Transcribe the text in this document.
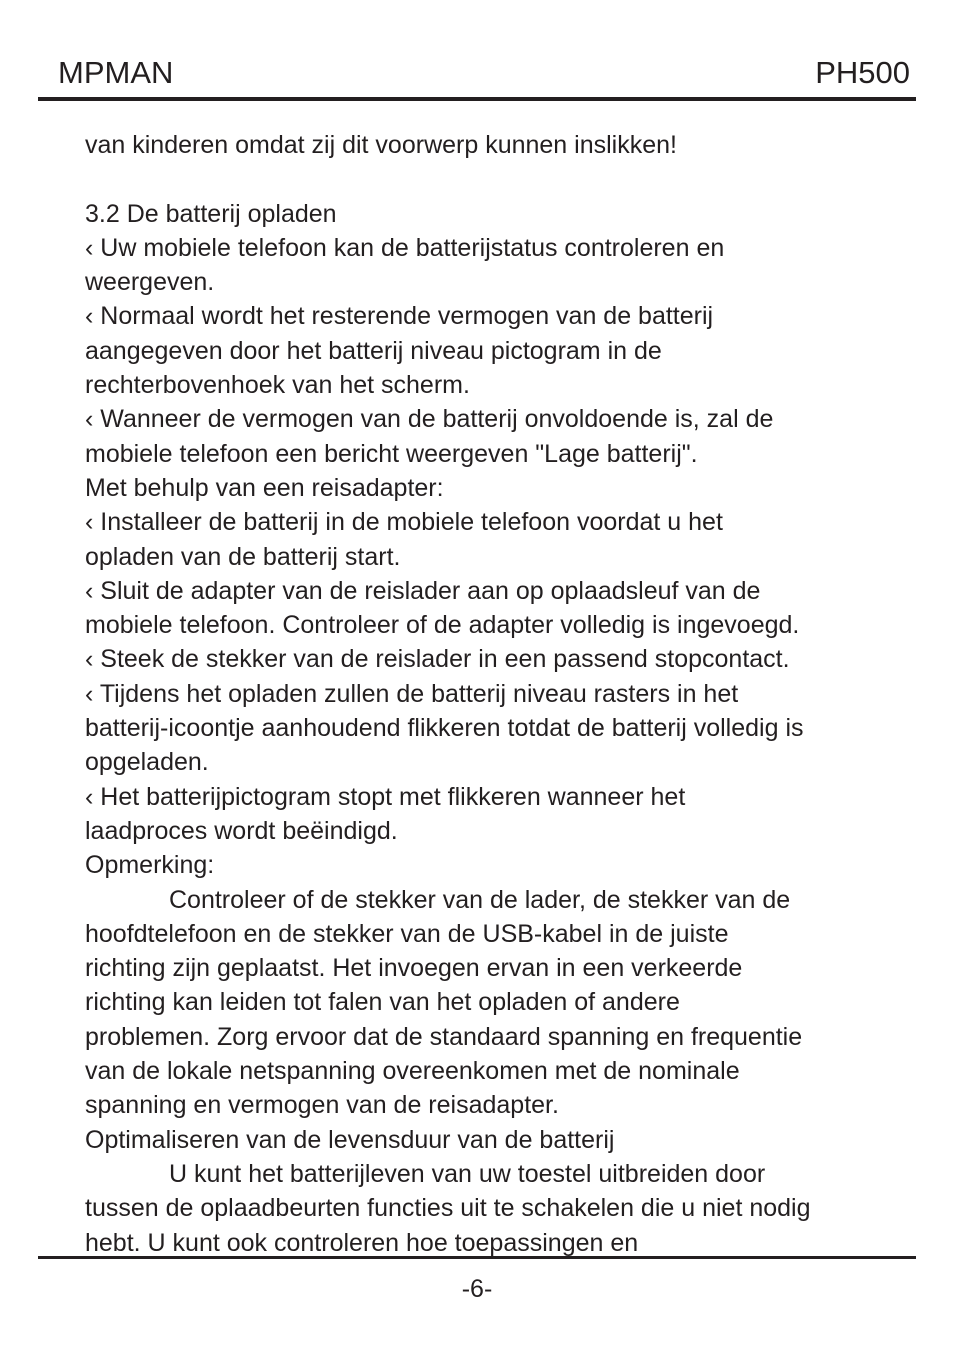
MPMAN	PH500
van kinderen omdat zij dit voorwerp kunnen inslikken!
3.2 De batterij opladen
‹ Uw mobiele telefoon kan de batterijstatus controleren en
weergeven.
‹ Normaal wordt het resterende vermogen van de batterij
aangegeven door het batterij niveau pictogram in de
rechterbovenhoek van het scherm.
‹ Wanneer de vermogen van de batterij onvoldoende is, zal de
mobiele telefoon een bericht weergeven "Lage batterij".
Met behulp van een reisadapter:
‹ Installeer de batterij in de mobiele telefoon voordat u het
opladen van de batterij start.
‹ Sluit de adapter van de reislader aan op oplaadsleuf van de
mobiele telefoon. Controleer of de adapter volledig is ingevoegd.
‹ Steek de stekker van de reislader in een passend stopcontact.
‹ Tijdens het opladen zullen de batterij niveau rasters in het
batterij-icoontje aanhoudend flikkeren totdat de batterij volledig is
opgeladen.
‹ Het batterijpictogram stopt met flikkeren wanneer het
laadproces wordt beëindigd.
Opmerking:
Controleer of de stekker van de lader, de stekker van de
hoofdtelefoon en de stekker van de USB-kabel in de juiste
richting zijn geplaatst. Het invoegen ervan in een verkeerde
richting kan leiden tot falen van het opladen of andere
problemen. Zorg ervoor dat de standaard spanning en frequentie
van de lokale netspanning overeenkomen met de nominale
spanning en vermogen van de reisadapter.
Optimaliseren van de levensduur van de batterij
U kunt het batterijleven van uw toestel uitbreiden door
tussen de oplaadbeurten functies uit te schakelen die u niet nodig
hebt. U kunt ook controleren hoe toepassingen en
-6-
